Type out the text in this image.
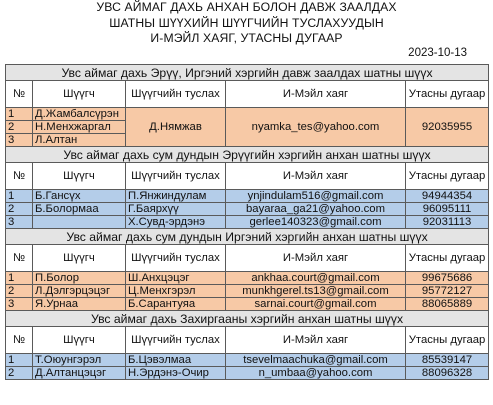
УВС АЙМАГ ДАХЬ АНХАН БОЛОН ДАВЖ ЗААЛДАХ
ШАТНЫ ШҮҮХИЙН ШҮҮГЧИЙН ТУСЛАХУУДЫН
И-МЭЙЛ ХАЯГ, УТАСНЫ ДУГААР
2023-10-13
Увс аймаг дахь Эрүү, Иргэний хэргийн давж заалдах шатны шүүх				
№	Шүүгч	Шүүгчийн туслах	И-Мэйл хаяг	Утасны дугаар
1	Д.Жамбалсүрэн	Д.Нямжав	nyamka_tes@yahoo.com	92035955
2	Н.Менхжаргал			
3	Л.Алтан			
Увс аймаг дахь сум дундын Эрүүгийн хэргийн анхан шатны шүүх				
№	Шүүгч	Шүүгчийн туслах	И-Мэйл хаяг	Утасны дугаар
1	Б.Гансүх	П.Янжиндулам	ynjindulam516@gmail.com	94944354
2	Б.Болормаа	Г.Баярхүү	bayaraa_ga21@yahoo.com	96095111
3		Х.Сувд-эрдэнэ	gerlee140323@gmail.com	92031113
Увс аймаг дахь сум дундын Иргэний хэргийн анхан шатны шүүх				
№	Шүүгч	Шүүгчийн туслах	И-Мэйл хаяг	Утасны дугаар
1	П.Болор	Ш.Анхцэцэг	ankhaa.court@gmail.com	99675686
2	Л.Дэлгэрцэцэг	Ц.Менхгэрэл	munkhgerel.ts13@gmail.com	95772127
3	Я.Урнаа	Б.Сарантуяа	sarnai.court@gmail.com	88065889
Увс аймаг дахь Захиргааны хэргийн анхан шатны шүүх				
№	Шүүгч	Шүүгчийн туслах	И-Мэйл хаяг	Утасны дугаар
1	Т.Оюунгэрэл	Б.Цэвэлмаа	tsevelmaachuka@gmail.com	85539147
2	Д.Алтанцэцэг	Н.Эрдэнэ-Очир	n_umbaa@yahoo.com	88096328
